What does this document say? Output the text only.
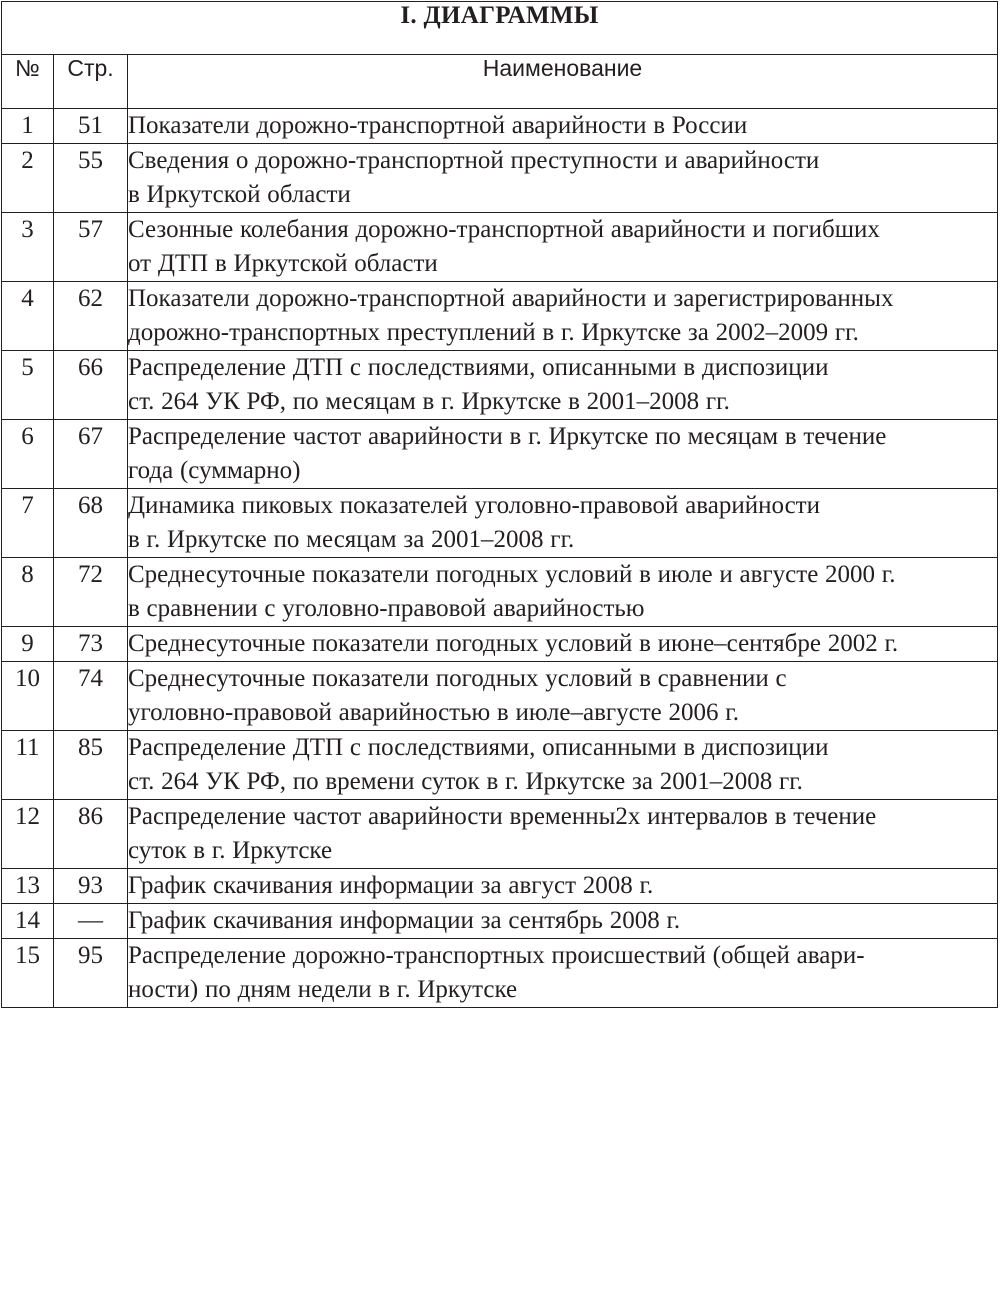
I. ДИАГРАММЫ		
№	Стр.	Наименование
1	51	Показатели дорожно-транспортной аварийности в России

2	55	Сведения о дорожно-транспортной преступности и аварийности
в Иркутской области

3	57	Сезонные колебания дорожно-транспортной аварийности и погибших
от ДТП в Иркутской области

4	62	Показатели дорожно-транспортной аварийности и зарегистрированных
дорожно-транспортных преступлений в г. Иркутске за 2002–2009 гг.

5	66	Распределение ДТП с последствиями, описанными в диспозиции
ст. 264 УК РФ, по месяцам в г. Иркутске в 2001–2008 гг.

6	67	Распределение частот аварийности в г. Иркутске по месяцам в течение
года (суммарно)

7	68	Динамика пиковых показателей уголовно-правовой аварийности
в г. Иркутске по месяцам за 2001–2008 гг.

8	72	Среднесуточные показатели погодных условий в июле и августе 2000 г.
в сравнении с уголовно-правовой аварийностью

9	73	Среднесуточные показатели погодных условий в июне–сентябре 2002 г.

10	74	Среднесуточные показатели погодных условий в сравнении с
уголовно-правовой аварийностью в июле–августе 2006 г.

11	85	Распределение ДТП с последствиями, описанными в диспозиции
ст. 264 УК РФ, по времени суток в г. Иркутске за 2001–2008 гг.

12	86	Распределение частот аварийности временны2х интервалов в течение
суток в г. Иркутске

13	93	График скачивания информации за август 2008 г.

14	—	График скачивания информации за сентябрь 2008 г.

15	95	Распределение дорожно-транспортных происшествий (общей авари-
ности) по дням недели в г. Иркутске
